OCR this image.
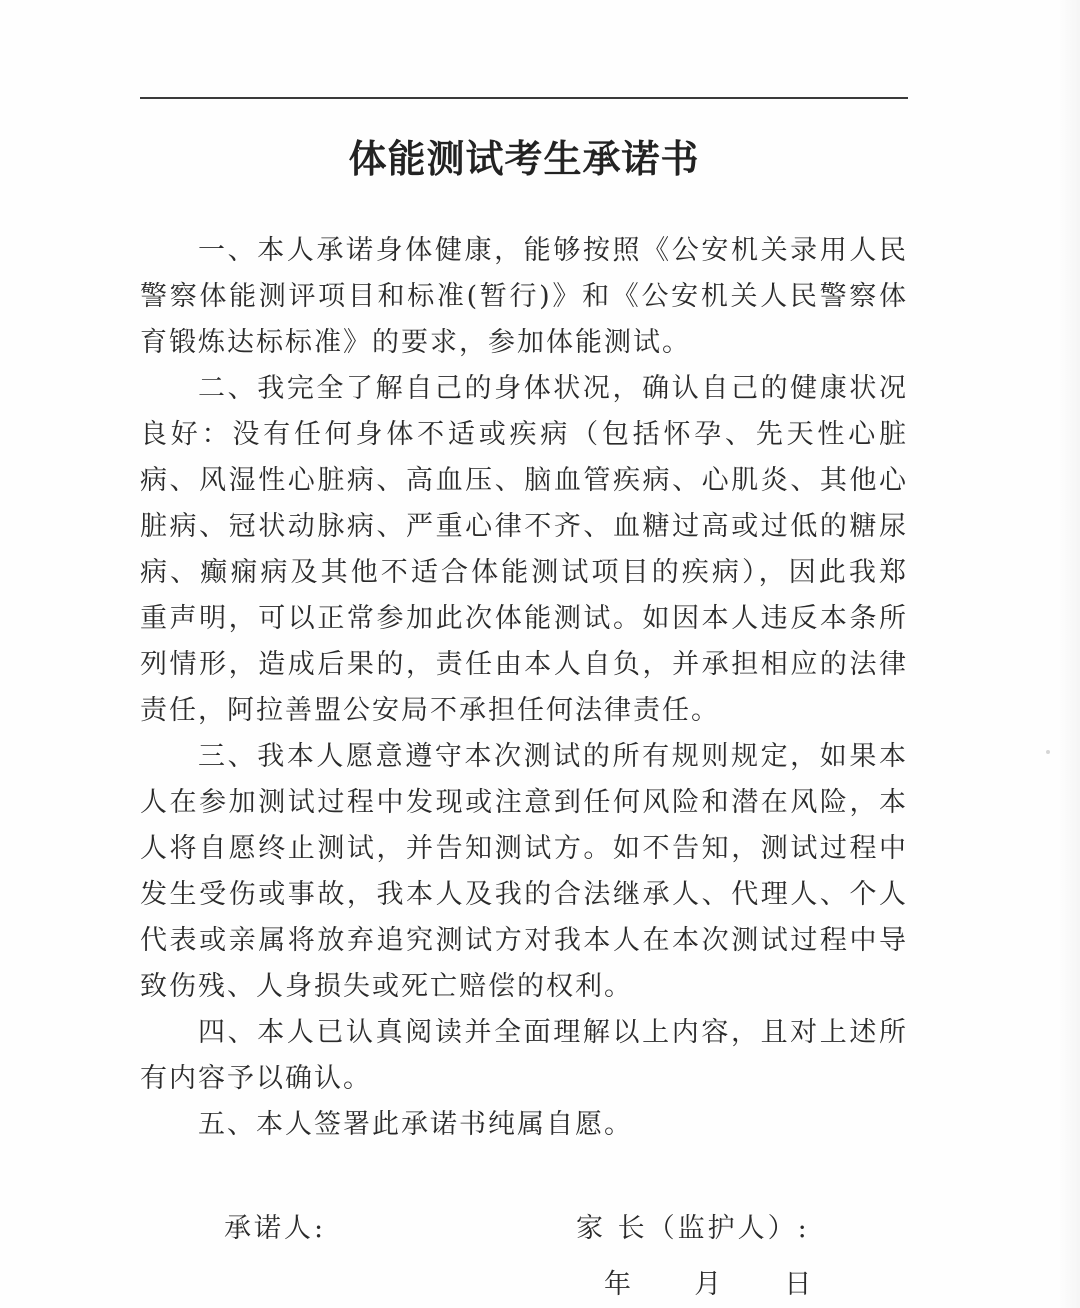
体能测试考生承诺书

一、本人承诺身体健康，能够按照《公安机关录用人民警察体能测评项目和标准(暂行)》和《公安机关人民警察体育锻炼达标标准》的要求，参加体能测试。

二、我完全了解自己的身体状况，确认自己的健康状况良好：没有任何身体不适或疾病（包括怀孕、先天性心脏病、风湿性心脏病、高血压、脑血管疾病、心肌炎、其他心脏病、冠状动脉病、严重心律不齐、血糖过高或过低的糖尿病、癫痫病及其他不适合体能测试项目的疾病），因此我郑重声明，可以正常参加此次体能测试。如因本人违反本条所列情形，造成后果的，责任由本人自负，并承担相应的法律责任，阿拉善盟公安局不承担任何法律责任。

三、我本人愿意遵守本次测试的所有规则规定，如果本人在参加测试过程中发现或注意到任何风险和潜在风险，本人将自愿终止测试，并告知测试方。如不告知，测试过程中发生受伤或事故，我本人及我的合法继承人、代理人、个人代表或亲属将放弃追究测试方对我本人在本次测试过程中导致伤残、人身损失或死亡赔偿的权利。

四、本人已认真阅读并全面理解以上内容，且对上述所有内容予以确认。

五、本人签署此承诺书纯属自愿。

承诺人:	家 长（监护人）:
年 月 日
